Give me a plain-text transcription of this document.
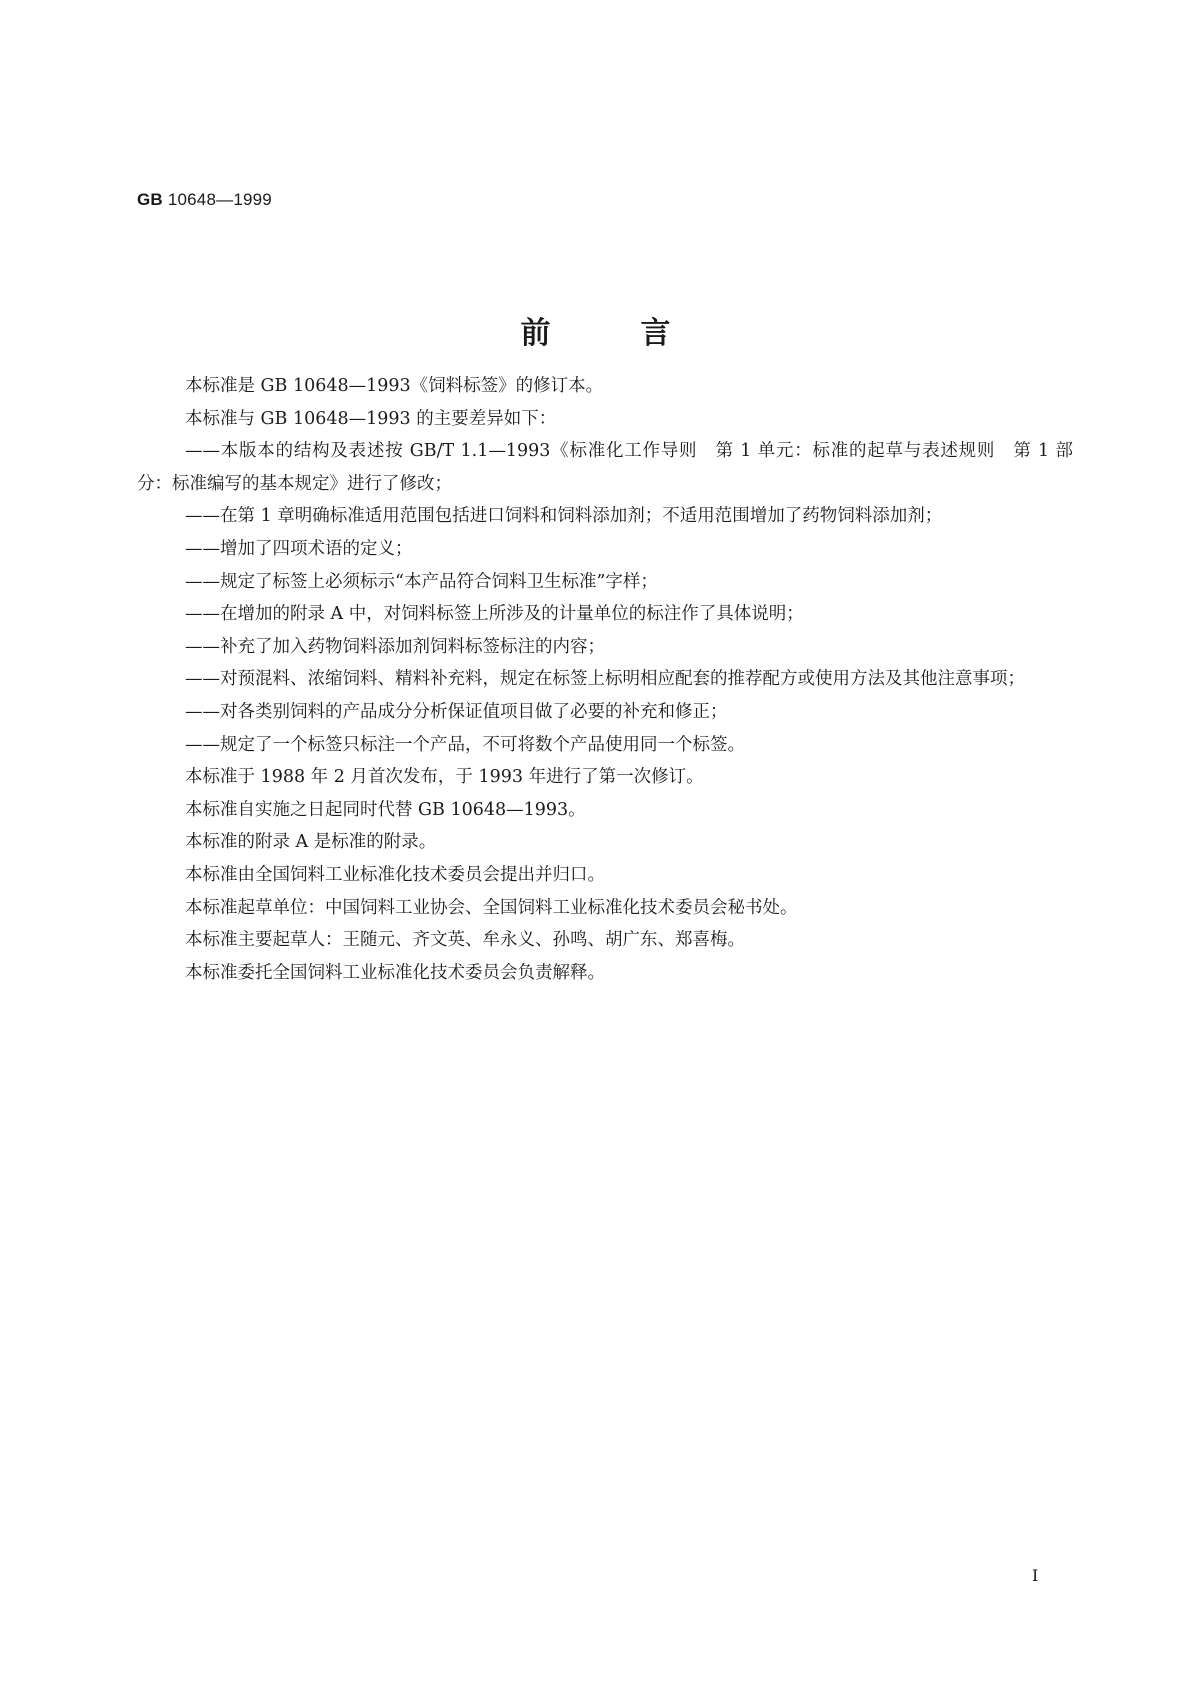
GB 10648—1999
前言

本标准是 GB 10648—1993《饲料标签》的修订本。

本标准与 GB 10648—1993 的主要差异如下：

——本版本的结构及表述按 GB/T 1.1—1993《标准化工作导则　第 1 单元：标准的起草与表述规则　第 1 部分：标准编写的基本规定》进行了修改；

——在第 1 章明确标准适用范围包括进口饲料和饲料添加剂；不适用范围增加了药物饲料添加剂；

——增加了四项术语的定义；

——规定了标签上必须标示“本产品符合饲料卫生标准”字样；

——在增加的附录 A 中，对饲料标签上所涉及的计量单位的标注作了具体说明；

——补充了加入药物饲料添加剂饲料标签标注的内容；

——对预混料、浓缩饲料、精料补充料，规定在标签上标明相应配套的推荐配方或使用方法及其他注意事项；

——对各类别饲料的产品成分分析保证值项目做了必要的补充和修正；

——规定了一个标签只标注一个产品，不可将数个产品使用同一个标签。

本标准于 1988 年 2 月首次发布，于 1993 年进行了第一次修订。

本标准自实施之日起同时代替 GB 10648—1993。

本标准的附录 A 是标准的附录。

本标准由全国饲料工业标准化技术委员会提出并归口。

本标准起草单位：中国饲料工业协会、全国饲料工业标准化技术委员会秘书处。

本标准主要起草人：王随元、齐文英、牟永义、孙鸣、胡广东、郑喜梅。

本标准委托全国饲料工业标准化技术委员会负责解释。

I
